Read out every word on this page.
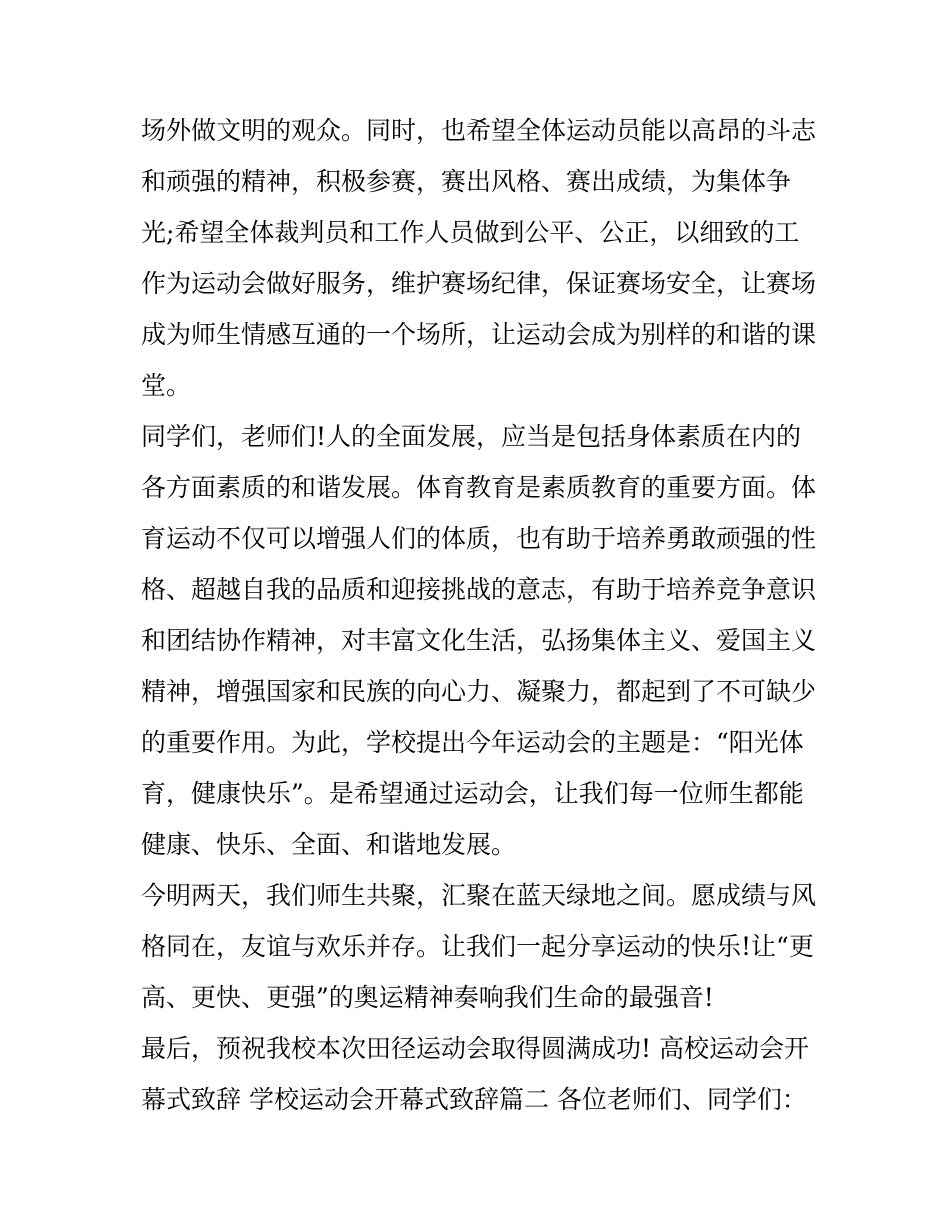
场外做文明的观众。同时，也希望全体运动员能以高昂的斗志
和顽强的精神，积极参赛，赛出风格、赛出成绩，为集体争
光;希望全体裁判员和工作人员做到公平、公正，以细致的工
作为运动会做好服务，维护赛场纪律，保证赛场安全，让赛场
成为师生情感互通的一个场所，让运动会成为别样的和谐的课
堂。
同学们，老师们!人的全面发展，应当是包括身体素质在内的
各方面素质的和谐发展。体育教育是素质教育的重要方面。体
育运动不仅可以增强人们的体质，也有助于培养勇敢顽强的性
格、超越自我的品质和迎接挑战的意志，有助于培养竞争意识
和团结协作精神，对丰富文化生活，弘扬集体主义、爱国主义
精神，增强国家和民族的向心力、凝聚力，都起到了不可缺少
的重要作用。为此，学校提出今年运动会的主题是：“阳光体
育，健康快乐”。是希望通过运动会，让我们每一位师生都能
健康、快乐、全面、和谐地发展。
今明两天，我们师生共聚，汇聚在蓝天绿地之间。愿成绩与风
格同在，友谊与欢乐并存。让我们一起分享运动的快乐!让“更
高、更快、更强”的奥运精神奏响我们生命的最强音!
最后，预祝我校本次田径运动会取得圆满成功! 高校运动会开
幕式致辞 学校运动会开幕式致辞篇二 各位老师们、同学们：
